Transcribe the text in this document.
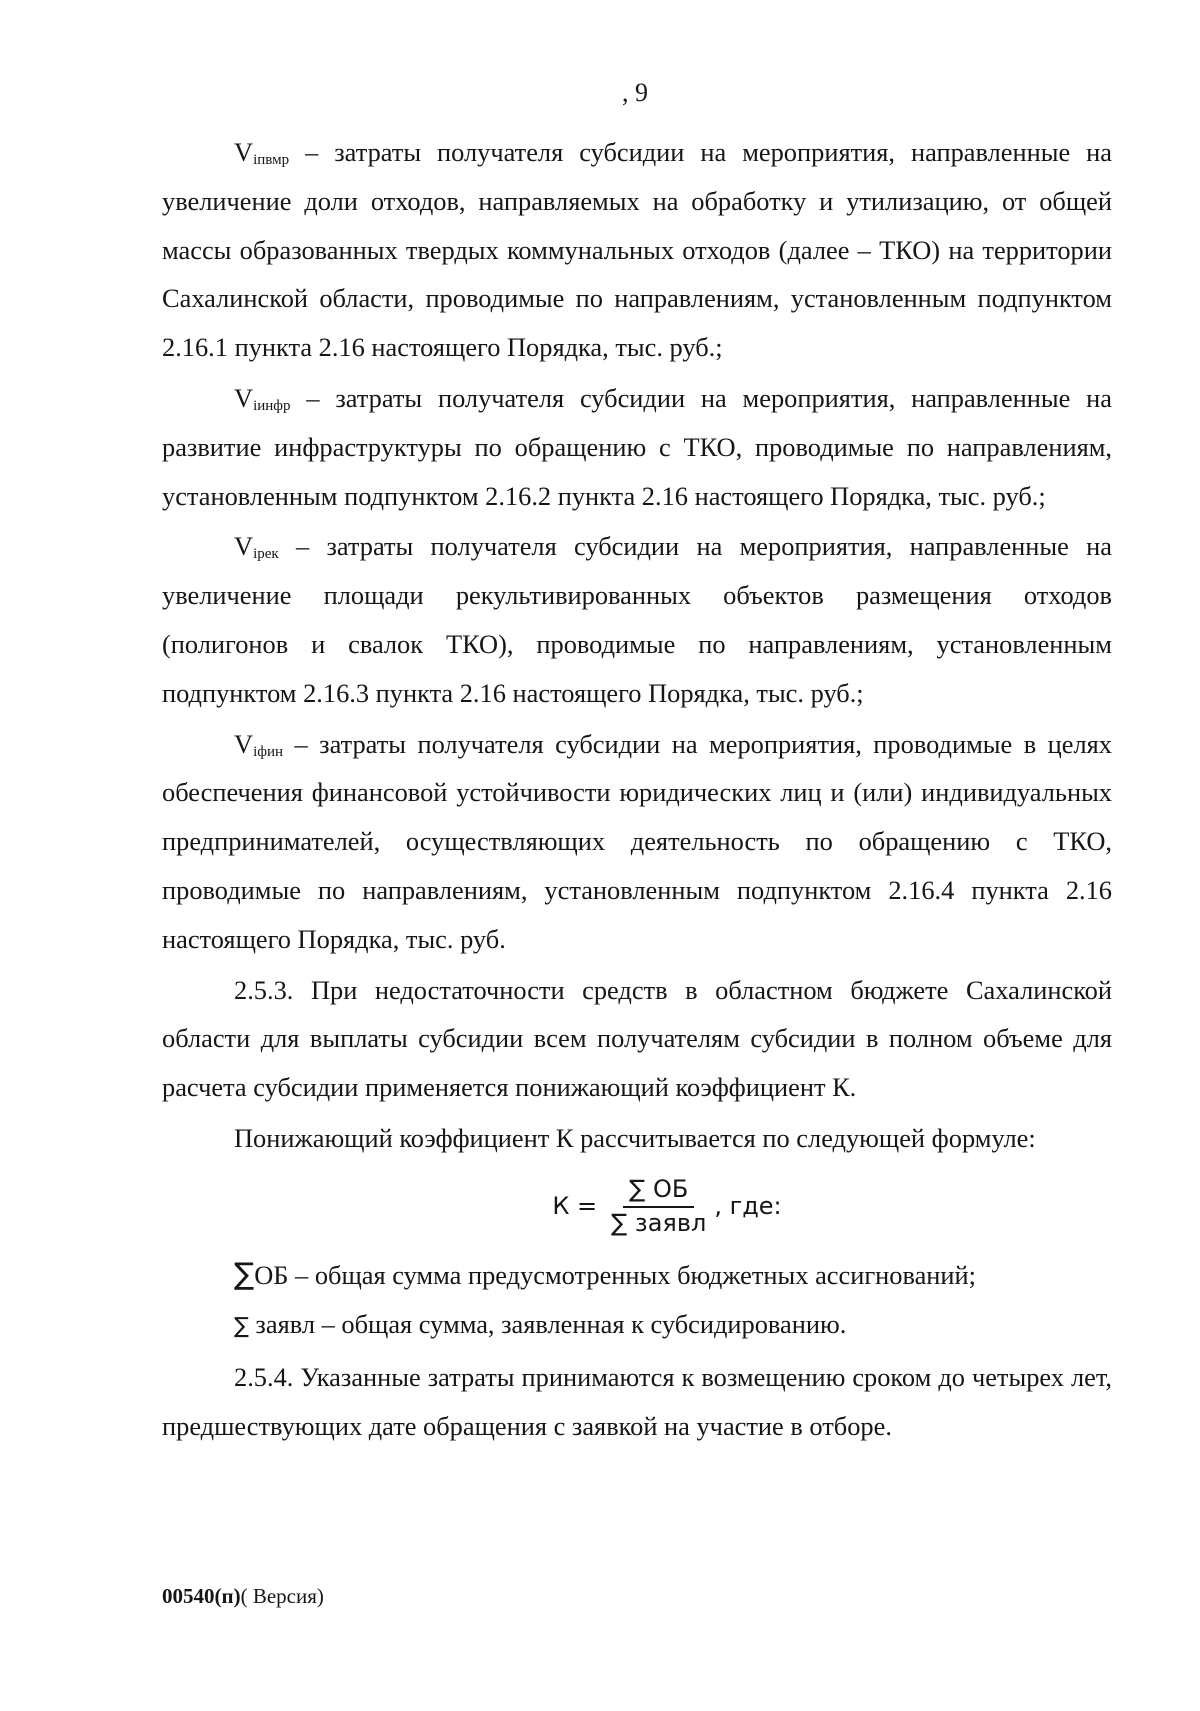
, 9

$V_{iпвмр}$ – затраты получателя субсидии на мероприятия, направленные на увеличение доли отходов, направляемых на обработку и утилизацию, от общей массы образованных твердых коммунальных отходов (далее – ТКО) на территории Сахалинской области, проводимые по направлениям, установленным подпунктом 2.16.1 пункта 2.16 настоящего Порядка, тыс. руб.;

$V_{iинфр}$ – затраты получателя субсидии на мероприятия, направленные на развитие инфраструктуры по обращению с ТКО, проводимые по направлениям, установленным подпунктом 2.16.2 пункта 2.16 настоящего Порядка, тыс. руб.;

$V_{iрек}$ – затраты получателя субсидии на мероприятия, направленные на увеличение площади рекультивированных объектов размещения отходов (полигонов и свалок ТКО), проводимые по направлениям, установленным подпунктом 2.16.3 пункта 2.16 настоящего Порядка, тыс. руб.;

$V_{iфин}$ – затраты получателя субсидии на мероприятия, проводимые в целях обеспечения финансовой устойчивости юридических лиц и (или) индивидуальных предпринимателей, осуществляющих деятельность по обращению с ТКО, проводимые по направлениям, установленным подпунктом 2.16.4 пункта 2.16 настоящего Порядка, тыс. руб.

2.5.3. При недостаточности средств в областном бюджете Сахалинской области для выплаты субсидии всем получателям субсидии в полном объеме для расчета субсидии применяется понижающий коэффициент К.

Понижающий коэффициент К рассчитывается по следующей формуле:

$К = \frac{\sum ОБ}{\text{∑ заявл}}$ , где:

∑ОБ – общая сумма предусмотренных бюджетных ассигнований;

∑ заявл – общая сумма, заявленная к субсидированию.

2.5.4. Указанные затраты принимаются к возмещению сроком до четырех лет, предшествующих дате обращения с заявкой на участие в отборе.

00540(п)( Версия)
